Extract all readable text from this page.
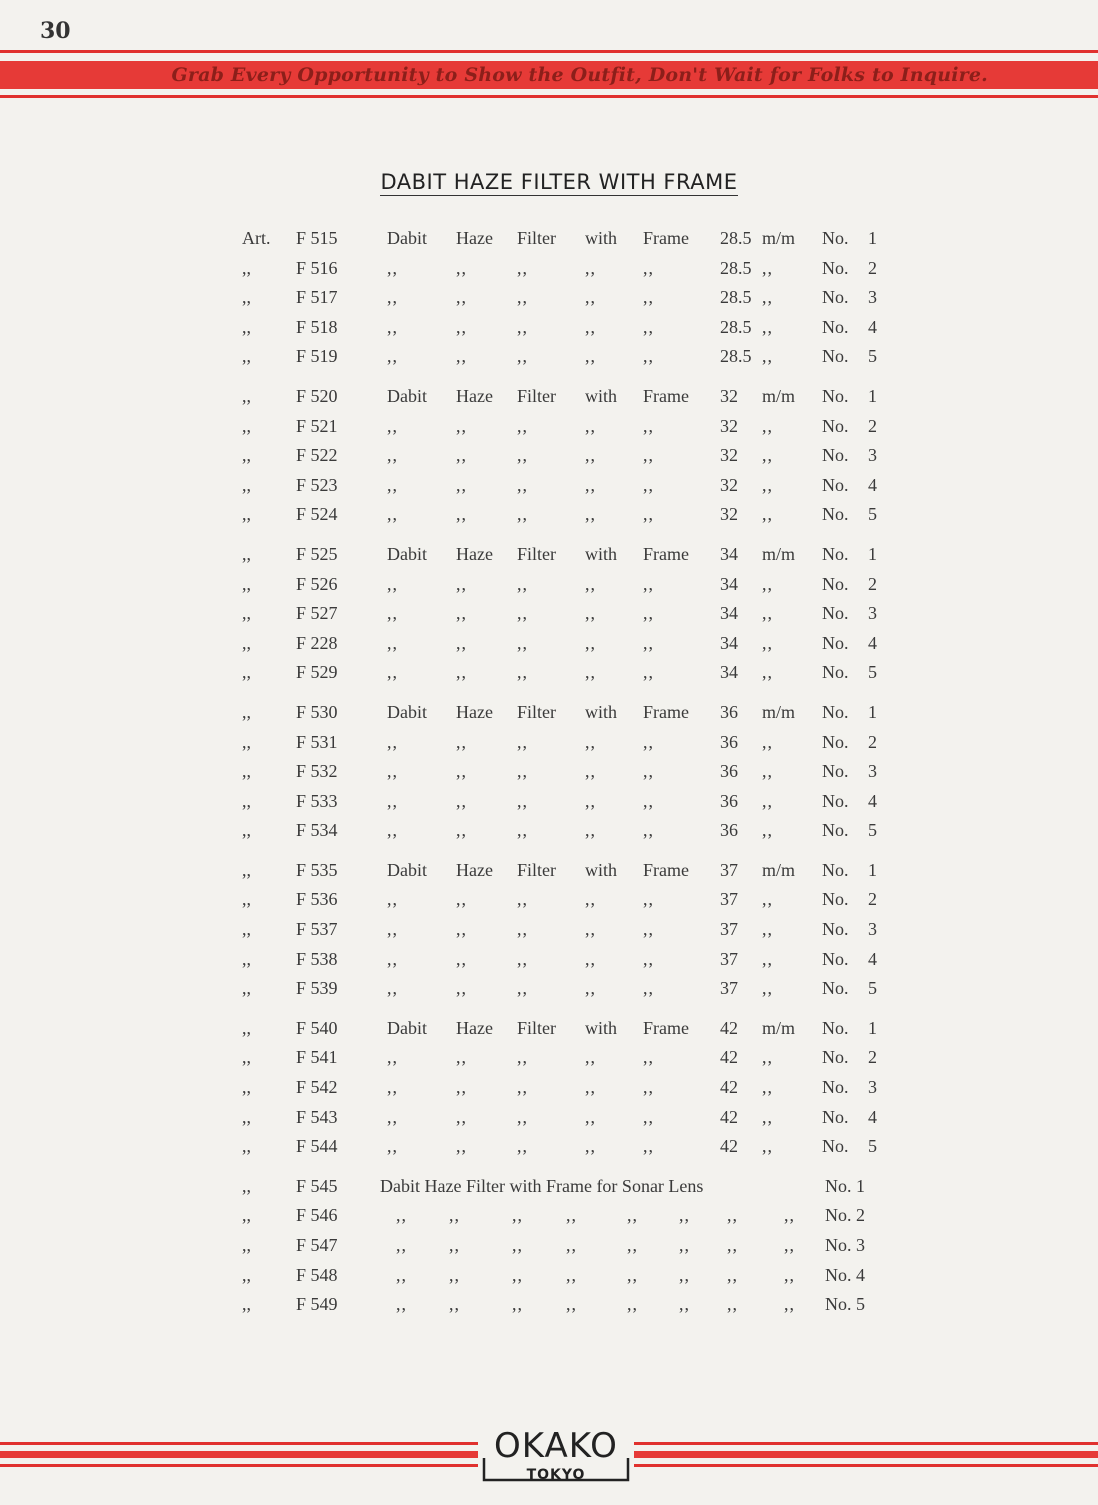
30
Grab Every Opportunity to Show the Outfit, Don't Wait for Folks to Inquire.
DABIT HAZE FILTER WITH FRAME
Art.	F 515	Dabit Haze Filter with Frame 28.5 m/m No. 1
,,	F 516	,,	,,	,,	,,	,,	28.5 ,,	No. 2
,,	F 517	,,	,,	,,	,,	,,	28.5 ,,	No. 3
,,	F 518	,,	,,	,,	,,	,,	28.5 ,,	No. 4
,,	F 519	,,	,,	,,	,,	,,	28.5 ,,	No. 5
,,	F 520	Dabit Haze Filter with Frame 32 m/m No. 1
,,	F 521	,,	,,	,,	,,	,,	32 ,,	No. 2
,,	F 522	,,	,,	,,	,,	,,	32 ,,	No. 3
,,	F 523	,,	,,	,,	,,	,,	32 ,,	No. 4
,,	F 524	,,	,,	,,	,,	,,	32 ,,	No. 5
,,	F 525	Dabit Haze Filter with Frame 34 m/m No. 1
,,	F 526	,,	,,	,,	,,	,,	34 ,,	No. 2
,,	F 527	,,	,,	,,	,,	,,	34 ,,	No. 3
,,	F 228	,,	,,	,,	,,	,,	34 ,,	No. 4
,,	F 529	,,	,,	,,	,,	,,	34 ,,	No. 5
,,	F 530	Dabit Haze Filter with Frame 36 m/m No. 1
,,	F 531	,,	,,	,,	,,	,,	36 ,,	No. 2
,,	F 532	,,	,,	,,	,,	,,	36 ,,	No. 3
,,	F 533	,,	,,	,,	,,	,,	36 ,,	No. 4
,,	F 534	,,	,,	,,	,,	,,	36 ,,	No. 5
,,	F 535	Dabit Haze Filter with Frame 37 m/m No. 1
,,	F 536	,,	,,	,,	,,	,,	37 ,,	No. 2
,,	F 537	,,	,,	,,	,,	,,	37 ,,	No. 3
,,	F 538	,,	,,	,,	,,	,,	37 ,,	No. 4
,,	F 539	,,	,,	,,	,,	,,	37 ,,	No. 5
,,	F 540	Dabit Haze Filter with Frame 42 m/m No. 1
,,	F 541	,,	,,	,,	,,	,,	42 ,,	No. 2
,,	F 542	,,	,,	,,	,,	,,	42 ,,	No. 3
,,	F 543	,,	,,	,,	,,	,,	42 ,,	No. 4
,,	F 544	,,	,,	,,	,,	,,	42 ,,	No. 5
,,	F 545 Dabit Haze Filter with Frame for Sonar Lens	No. 1
,,	F 546	,, ,,	,, ,,	,, ,, ,,	,, No. 2
,,	F 547	,, ,,	,, ,,	,, ,, ,,	,, No. 3
,,	F 548	,, ,,	,, ,,	,, ,, ,,	,, No. 4
,,	F 549	,, ,,	,, ,,	,, ,, ,,	,, No. 5
OKAKO
TOKYO
